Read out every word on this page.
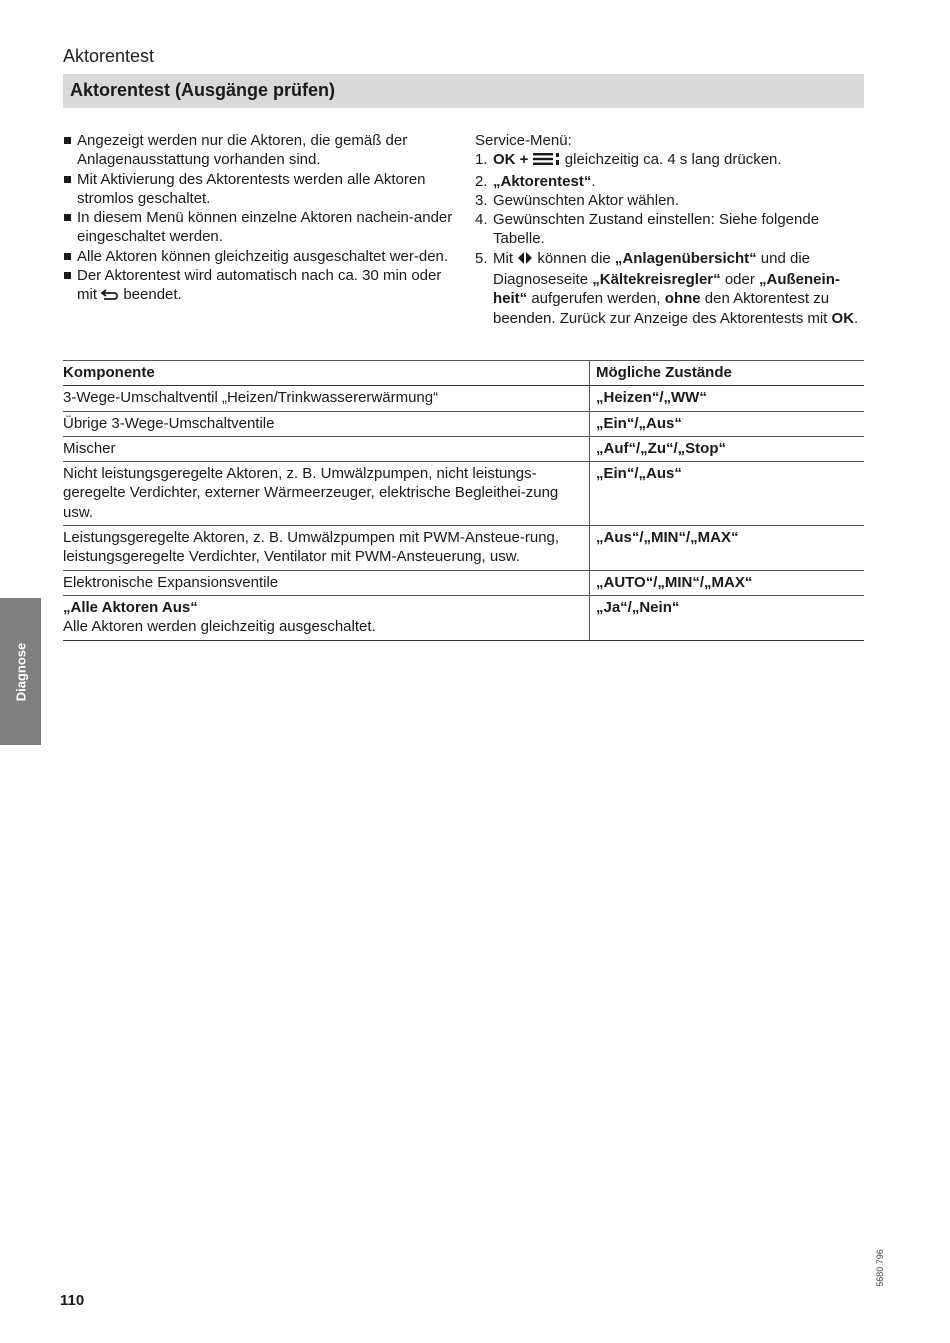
Aktorentest
Aktorentest (Ausgänge prüfen)
Angezeigt werden nur die Aktoren, die gemäß der Anlagenausstattung vorhanden sind.
Mit Aktivierung des Aktorentests werden alle Aktoren stromlos geschaltet.
In diesem Menü können einzelne Aktoren nachein-ander eingeschaltet werden.
Alle Aktoren können gleichzeitig ausgeschaltet wer-den.
Der Aktorentest wird automatisch nach ca. 30 min oder mit beendet.
Service-Menü:
1. OK + gleichzeitig ca. 4 s lang drücken.
2. „Aktorentest“.
3. Gewünschten Aktor wählen.
4. Gewünschten Zustand einstellen: Siehe folgende Tabelle.
5. Mit können die „Anlagenübersicht“ und die Diagnoseseite „Kältekreisregler“ oder „Außenein-heit“ aufgerufen werden, ohne den Aktorentest zu beenden. Zurück zur Anzeige des Aktorentests mit OK.
Komponente	Mögliche Zustände
3-Wege-Umschaltventil „Heizen/Trinkwassererwärmung“	„Heizen“/„WW“
Übrige 3-Wege-Umschaltventile	„Ein“/„Aus“
Mischer	„Auf“/„Zu“/„Stop“
Nicht leistungsgeregelte Aktoren, z. B. Umwälzpumpen, nicht leistungs-geregelte Verdichter, externer Wärmeerzeuger, elektrische Begleithei-zung usw.	„Ein“/„Aus“
Leistungsgeregelte Aktoren, z. B. Umwälzpumpen mit PWM-Ansteue-rung, leistungsgeregelte Verdichter, Ventilator mit PWM-Ansteuerung, usw.	„Aus“/„MIN“/„MAX“
Elektronische Expansionsventile	„AUTO“/„MIN“/„MAX“
„Alle Aktoren Aus“
Alle Aktoren werden gleichzeitig ausgeschaltet.	„Ja“/„Nein“
Diagnose
110
5680 796
